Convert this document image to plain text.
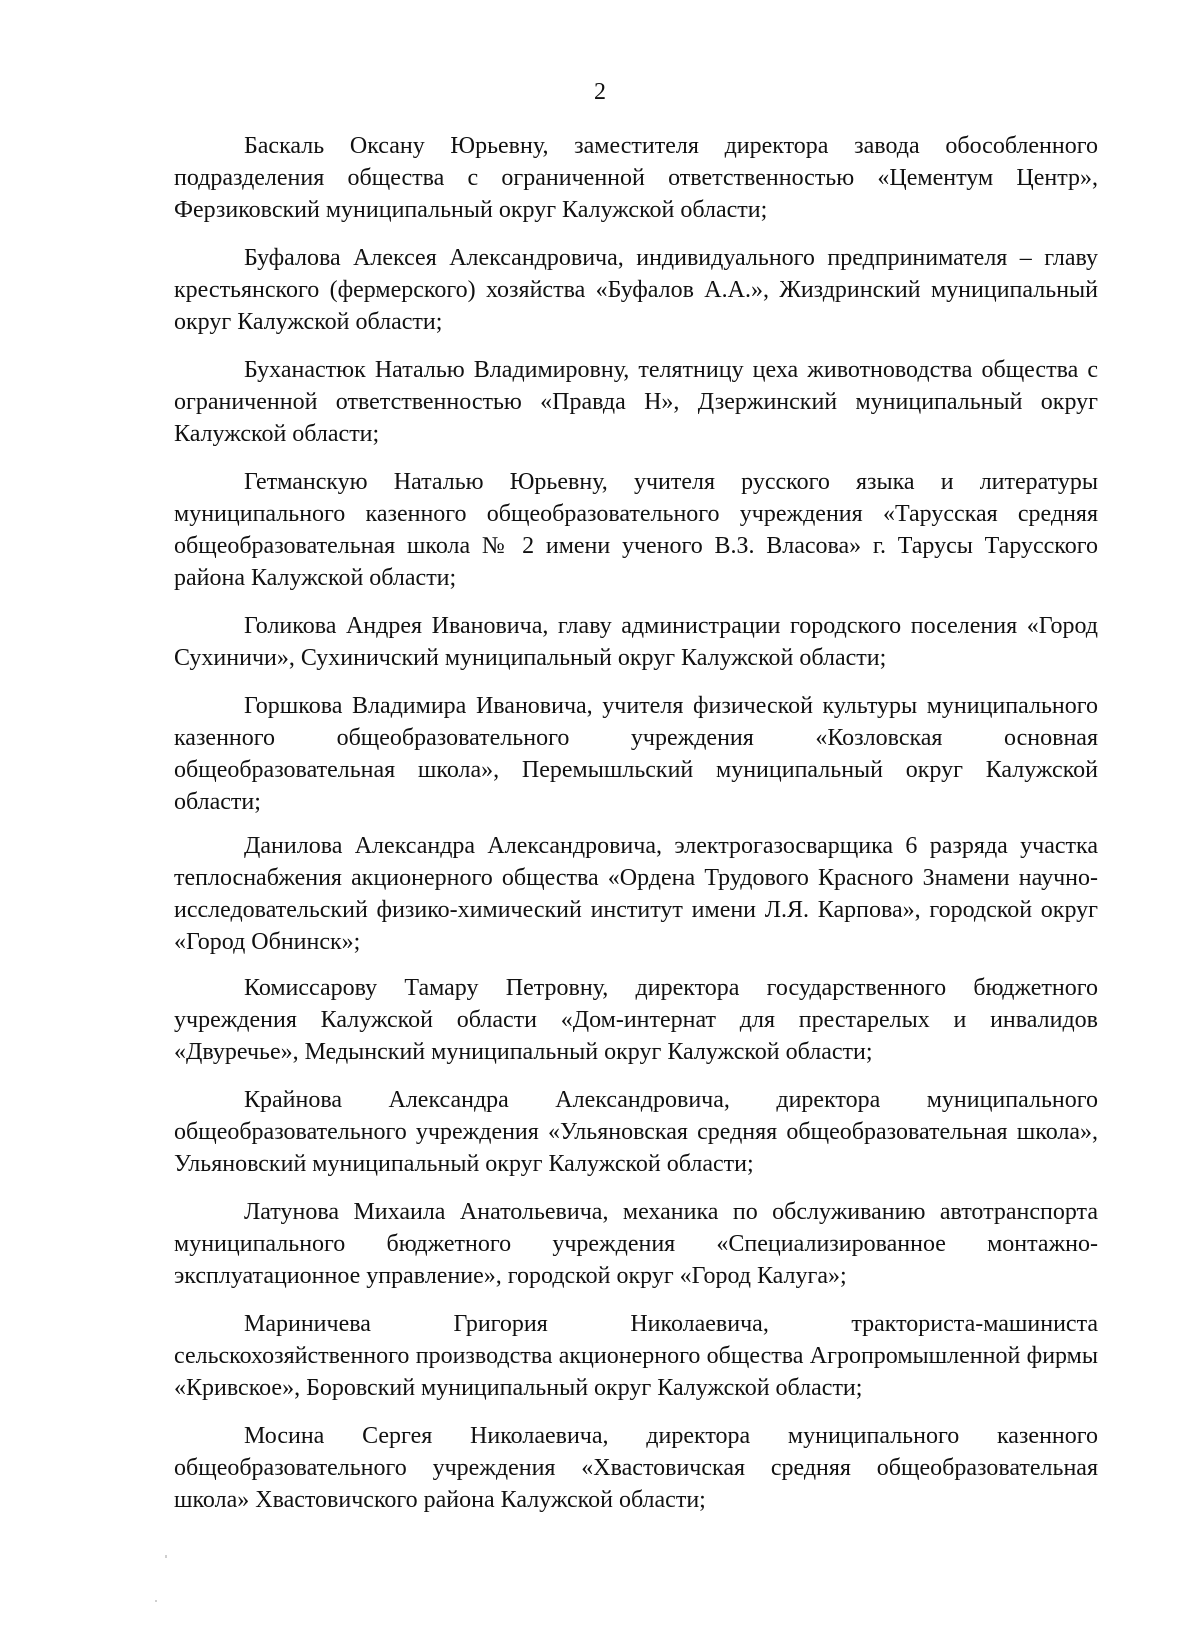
2

Баскаль Оксану Юрьевну, заместителя директора завода обособленного подразделения общества с ограниченной ответственностью «Цементум Центр», Ферзиковский муниципальный округ Калужской области;

Буфалова Алексея Александровича, индивидуального предпринимателя – главу крестьянского (фермерского) хозяйства «Буфалов А.А.», Жиздринский муниципальный округ Калужской области;

Буханастюк Наталью Владимировну, телятницу цеха животноводства общества с ограниченной ответственностью «Правда Н», Дзержинский муниципальный округ Калужской области;

Гетманскую Наталью Юрьевну, учителя русского языка и литературы муниципального казенного общеобразовательного учреждения «Тарусская средняя общеобразовательная школа № 2 имени ученого В.З. Власова» г. Тарусы Тарусского района Калужской области;

Голикова Андрея Ивановича, главу администрации городского поселения «Город Сухиничи», Сухиничский муниципальный округ Калужской области;

Горшкова Владимира Ивановича, учителя физической культуры муниципального казенного общеобразовательного учреждения «Козловская основная общеобразовательная школа», Перемышльский муниципальный округ Калужской области;

Данилова Александра Александровича, электрогазосварщика 6 разряда участка теплоснабжения акционерного общества «Ордена Трудового Красного Знамени научно-исследовательский физико-химический институт имени Л.Я. Карпова», городской округ «Город Обнинск»;

Комиссарову Тамару Петровну, директора государственного бюджетного учреждения Калужской области «Дом-интернат для престарелых и инвалидов «Двуречье», Медынский муниципальный округ Калужской области;

Крайнова Александра Александровича, директора муниципального общеобразовательного учреждения «Ульяновская средняя общеобразовательная школа», Ульяновский муниципальный округ Калужской области;

Латунова Михаила Анатольевича, механика по обслуживанию автотранспорта муниципального бюджетного учреждения «Специализированное монтажно-эксплуатационное управление», городской округ «Город Калуга»;

Мариничева Григория Николаевича, тракториста-машиниста сельскохозяйственного производства акционерного общества Агропромышленной фирмы «Кривское», Боровский муниципальный округ Калужской области;

Мосина Сергея Николаевича, директора муниципального казенного общеобразовательного учреждения «Хвастовичская средняя общеобразовательная школа» Хвастовичского района Калужской области;
